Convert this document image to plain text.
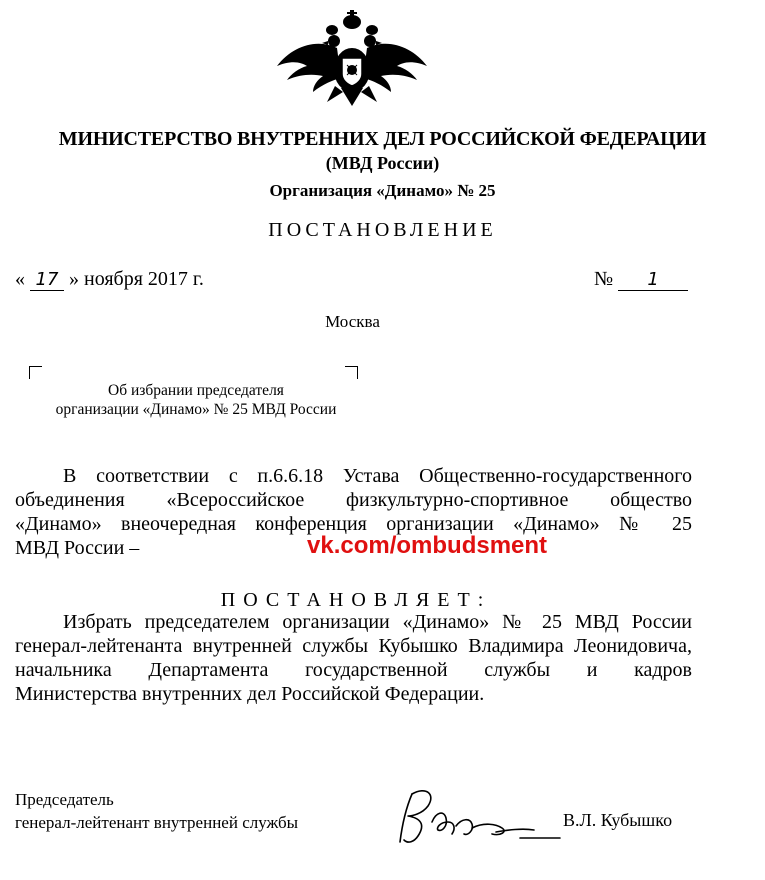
МИНИСТЕРСТВО ВНУТРЕННИХ ДЕЛ РОССИЙСКОЙ ФЕДЕРАЦИИ
(МВД России)
Организация «Динамо» № 25
ПОСТАНОВЛЕНИЕ
« 17 » ноября 2017 г.	№ 1
Москва
Об избрании председателя
организации «Динамо» № 25 МВД России
В соответствии с п.6.6.18 Устава Общественно-государственного
объединения «Всероссийское физкультурно-спортивное общество
«Динамо» внеочередная конференция организации «Динамо» № 25
МВД России –	vk.com/ombudsment
ПОСТАНОВЛЯЕТ:
Избрать председателем организации «Динамо» № 25 МВД России
генерал-лейтенанта внутренней службы Кубышко Владимира Леонидовича,
начальника Департамента государственной службы и кадров
Министерства внутренних дел Российской Федерации.
Председатель
генерал-лейтенант внутренней службы	В.Л. Кубышко
